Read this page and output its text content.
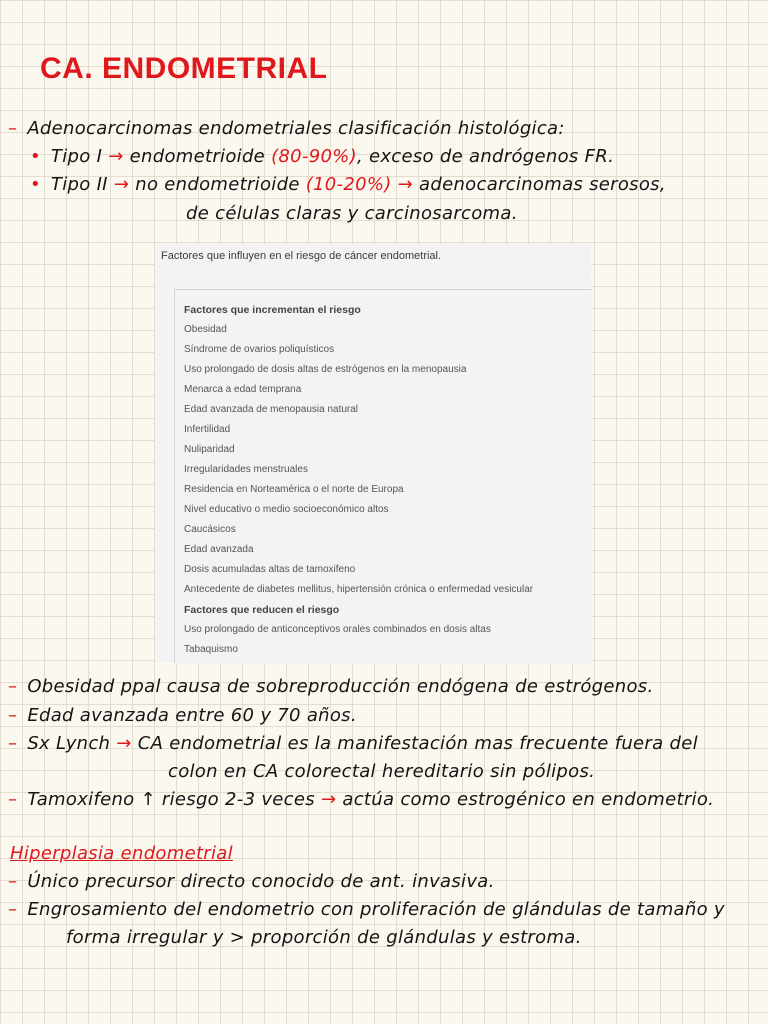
CA. ENDOMETRIAL
– Adenocarcinomas endometriales clasificación histológica:
• Tipo I → endometrioide (80-90%), exceso de andrógenos FR.
• Tipo II → no endometrioide (10-20%) → adenocarcinomas serosos,
de células claras y carcinosarcoma.
Factores que influyen en el riesgo de cáncer endometrial.
Factores que incrementan el riesgo
Obesidad
Síndrome de ovarios poliquísticos
Uso prolongado de dosis altas de estrógenos en la menopausia
Menarca a edad temprana
Edad avanzada de menopausia natural
Infertilidad
Nuliparidad
Irregularidades menstruales
Residencia en Norteamérica o el norte de Europa
Nivel educativo o medio socioeconómico altos
Caucásicos
Edad avanzada
Dosis acumuladas altas de tamoxifeno
Antecedente de diabetes mellitus, hipertensión crónica o enfermedad vesicular
Factores que reducen el riesgo
Uso prolongado de anticonceptivos orales combinados en dosis altas
Tabaquismo
– Obesidad ppal causa de sobreproducción endógena de estrógenos.
– Edad avanzada entre 60 y 70 años.
– Sx Lynch → CA endometrial es la manifestación mas frecuente fuera del
colon en CA colorectal hereditario sin pólipos.
– Tamoxifeno ↑ riesgo 2-3 veces → actúa como estrogénico en endometrio.
Hiperplasia endometrial
– Único precursor directo conocido de ant. invasiva.
– Engrosamiento del endometrio con proliferación de glándulas de tamaño y
forma irregular y > proporción de glándulas y estroma.
